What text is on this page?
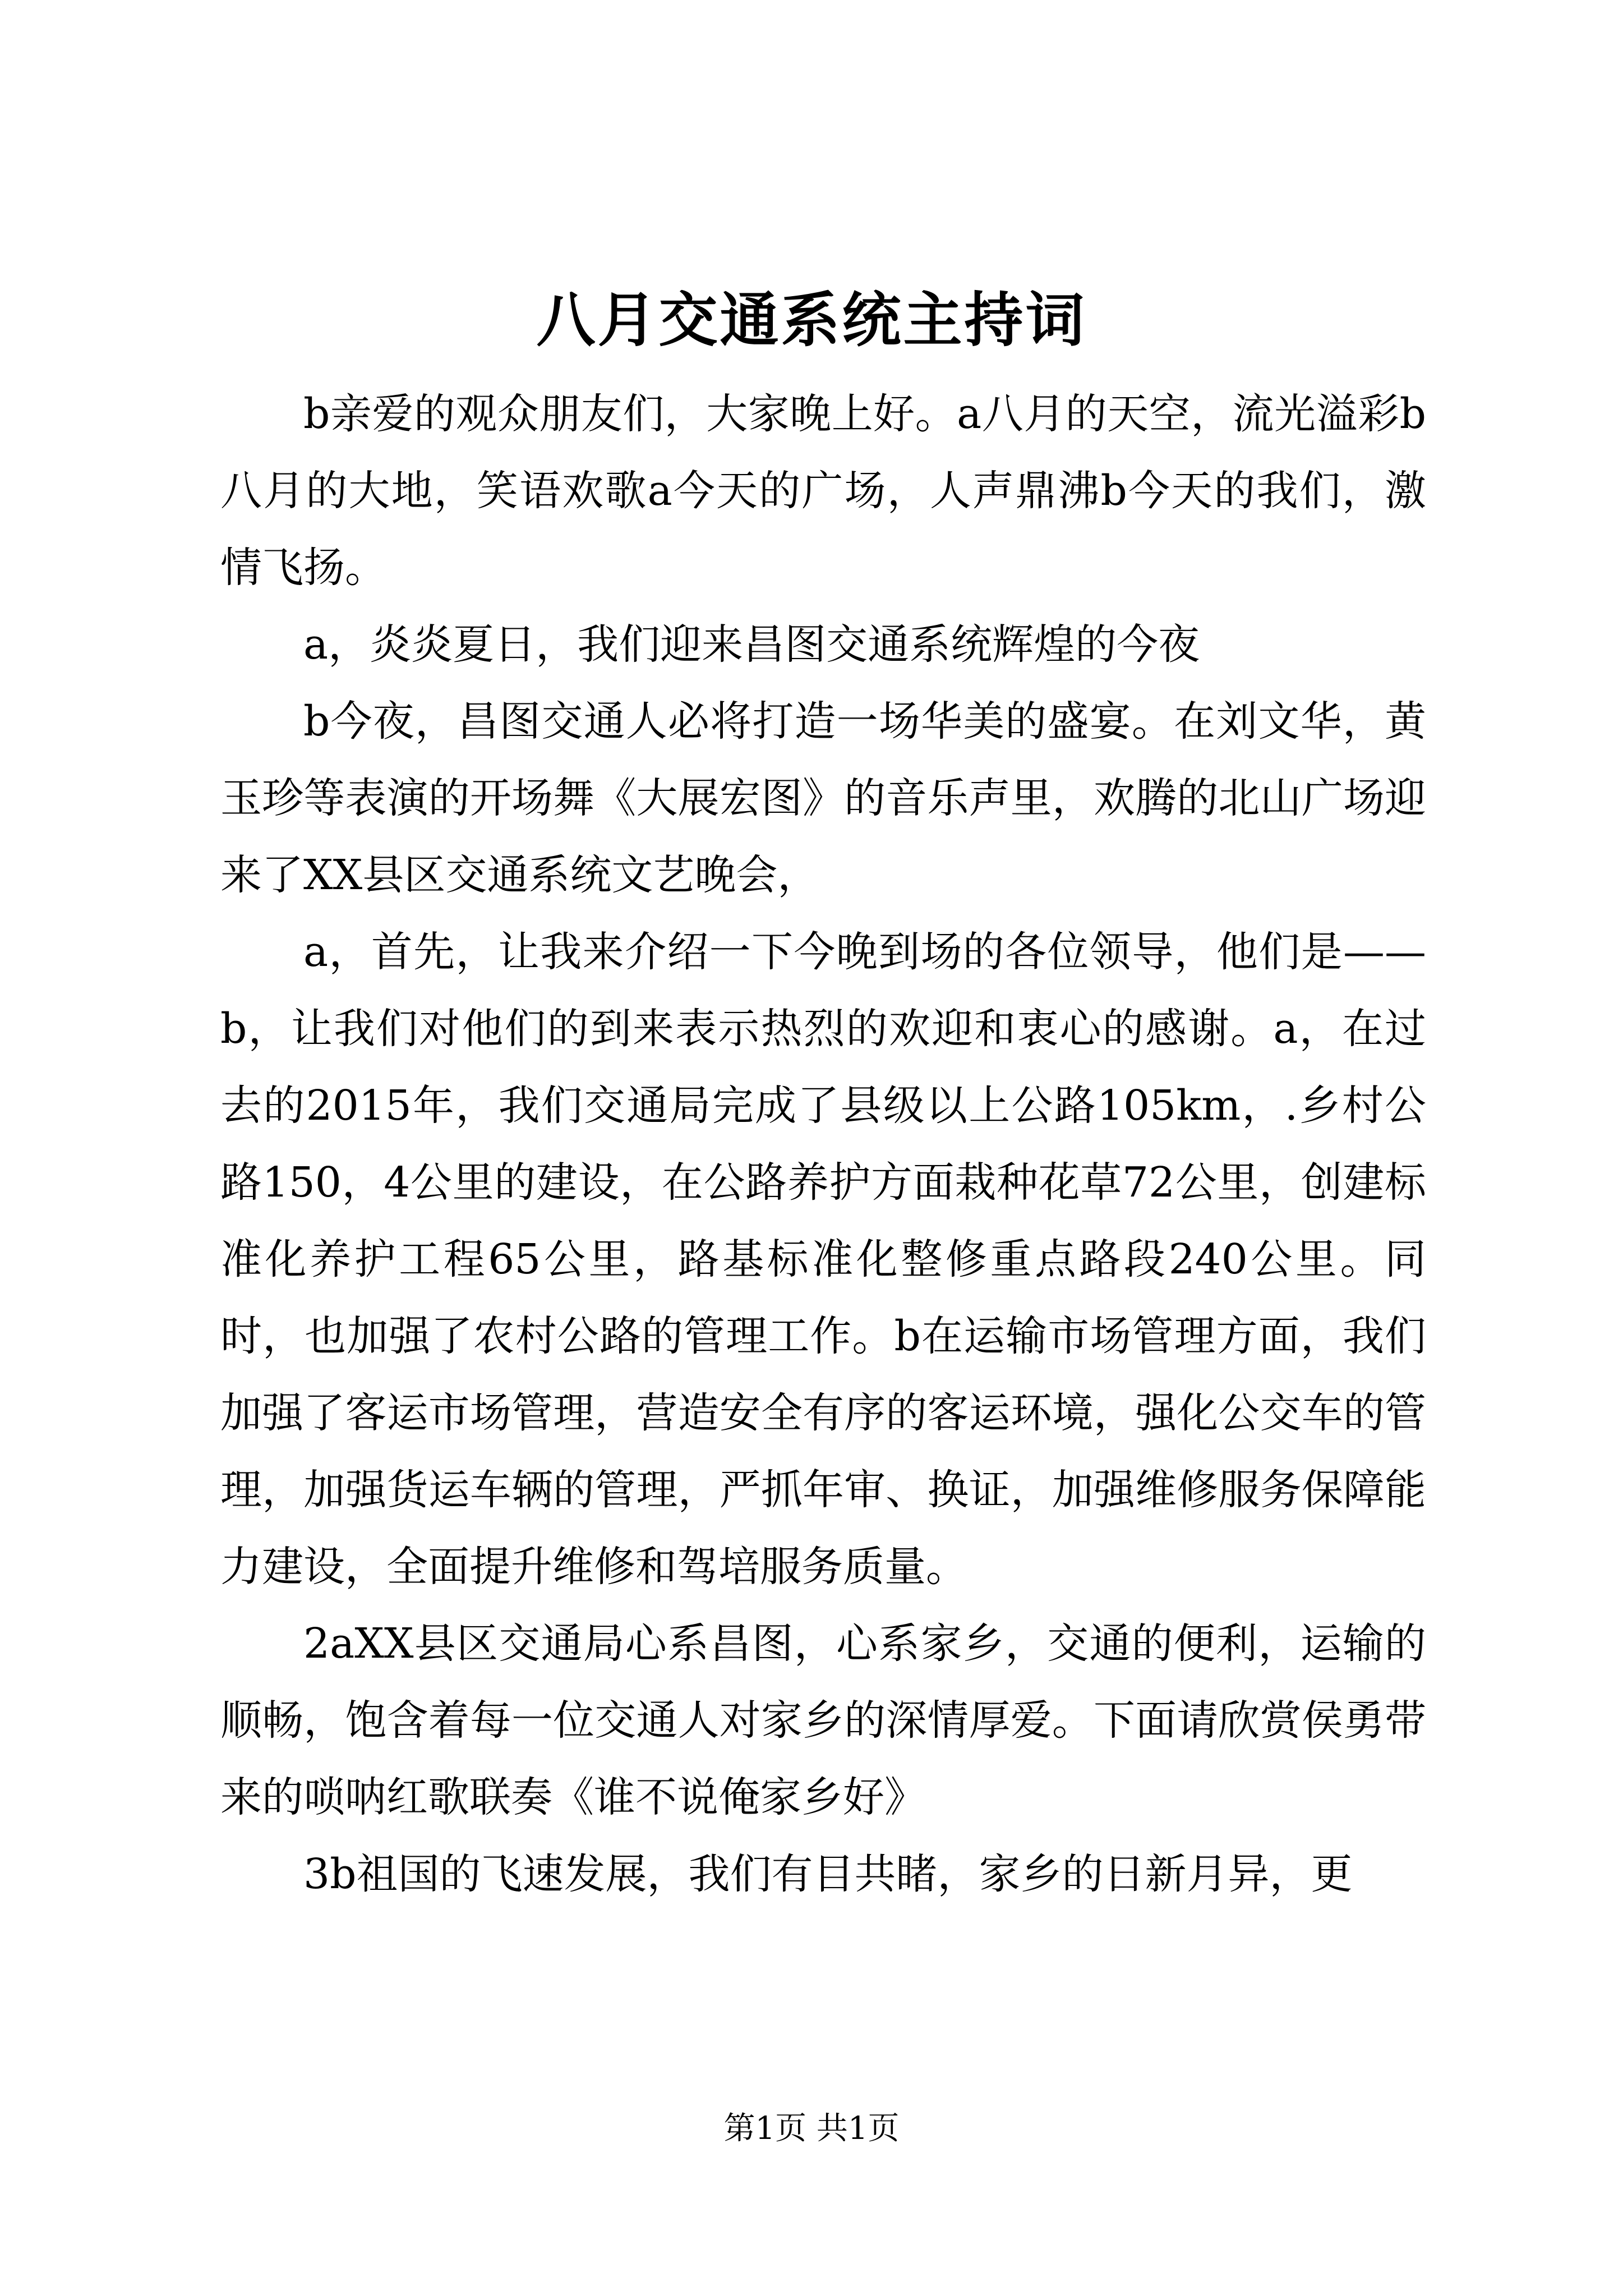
八月交通系统主持词

b亲爱的观众朋友们，大家晚上好。a八月的天空，流光溢彩b八月的大地，笑语欢歌a今天的广场，人声鼎沸b今天的我们，激情飞扬。

a，炎炎夏日，我们迎来昌图交通系统辉煌的今夜

b今夜，昌图交通人必将打造一场华美的盛宴。在刘文华，黄玉珍等表演的开场舞《大展宏图》的音乐声里，欢腾的北山广场迎来了XX县区交通系统文艺晚会，

a，首先，让我来介绍一下今晚到场的各位领导，他们是——b，让我们对他们的到来表示热烈的欢迎和衷心的感谢。a，在过去的2015年，我们交通局完成了县级以上公路105km，.乡村公路150，4公里的建设，在公路养护方面栽种花草72公里，创建标准化养护工程65公里，路基标准化整修重点路段240公里。同时，也加强了农村公路的管理工作。b在运输市场管理方面，我们加强了客运市场管理，营造安全有序的客运环境，强化公交车的管理，加强货运车辆的管理，严抓年审、换证，加强维修服务保障能力建设，全面提升维修和驾培服务质量。

2aXX县区交通局心系昌图，心系家乡，交通的便利，运输的顺畅，饱含着每一位交通人对家乡的深情厚爱。下面请欣赏侯勇带来的唢呐红歌联奏《谁不说俺家乡好》

3b祖国的飞速发展，我们有目共睹，家乡的日新月异，更

第1页 共1页
